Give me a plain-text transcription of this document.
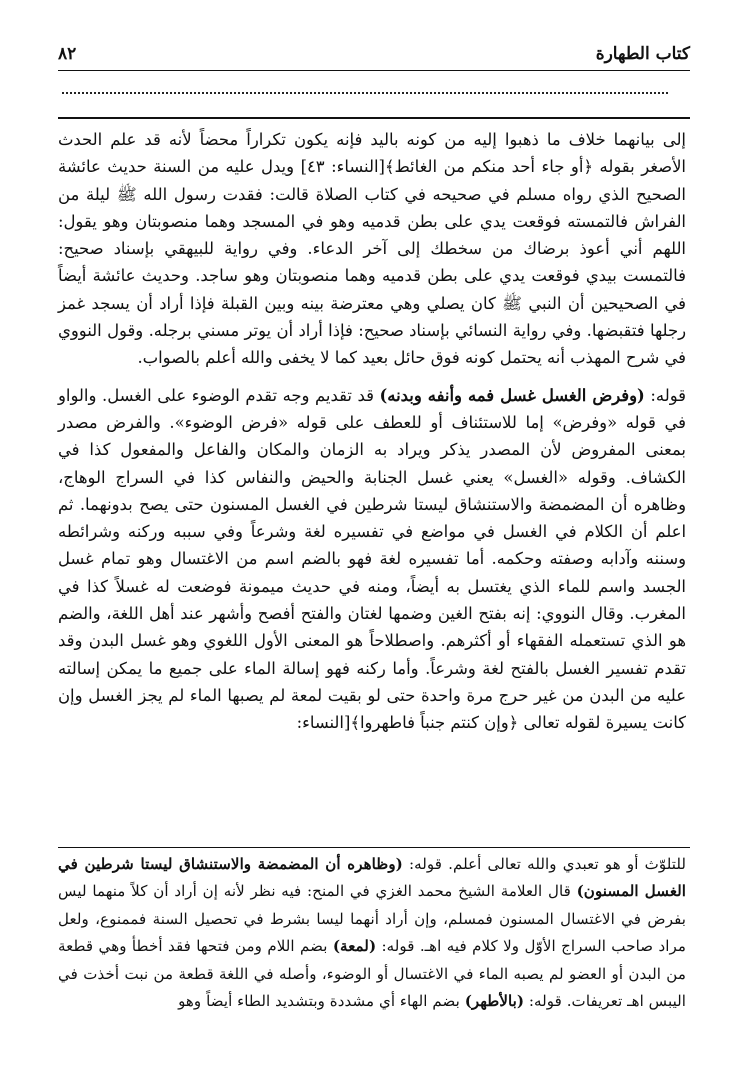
كتاب الطهارة
٨٢

إلى بيانهما خلاف ما ذهبوا إليه من كونه باليد فإنه يكون تكراراً محضاً لأنه قد علم الحدث الأصغر بقوله ﴿أو جاء أحد منكم من الغائط﴾[النساء: ٤٣] ويدل عليه من السنة حديث عائشة الصحيح الذي رواه مسلم في صحيحه في كتاب الصلاة قالت: فقدت رسول الله ﷺ ليلة من الفراش فالتمسته فوقعت يدي على بطن قدميه وهو في المسجد وهما منصوبتان وهو يقول: اللهم أني أعوذ برضاك من سخطك إلى آخر الدعاء. وفي رواية للبيهقي بإسناد صحيح: فالتمست بيدي فوقعت يدي على بطن قدميه وهما منصوبتان وهو ساجد. وحديث عائشة أيضاً في الصحيحين أن النبي ﷺ كان يصلي وهي معترضة بينه وبين القبلة فإذا أراد أن يسجد غمز رجلها فتقبضها. وفي رواية النسائي بإسناد صحيح: فإذا أراد أن يوتر مسني برجله. وقول النووي في شرح المهذب أنه يحتمل كونه فوق حائل بعيد كما لا يخفى والله أعلم بالصواب.

قوله: (وفرض الغسل غسل فمه وأنفه وبدنه) قد تقديم وجه تقدم الوضوء على الغسل. والواو في قوله «وفرض» إما للاستئناف أو للعطف على قوله «فرض الوضوء». والفرض مصدر بمعنى المفروض لأن المصدر يذكر ويراد به الزمان والمكان والفاعل والمفعول كذا في الكشاف. وقوله «الغسل» يعني غسل الجنابة والحيض والنفاس كذا في السراج الوهاج، وظاهره أن المضمضة والاستنشاق ليستا شرطين في الغسل المسنون حتى يصح بدونهما. ثم اعلم أن الكلام في الغسل في مواضع في تفسيره لغة وشرعاً وفي سببه وركنه وشرائطه وسننه وآدابه وصفته وحكمه. أما تفسيره لغة فهو بالضم اسم من الاغتسال وهو تمام غسل الجسد واسم للماء الذي يغتسل به أيضاً، ومنه في حديث ميمونة فوضعت له غسلاً كذا في المغرب. وقال النووي: إنه بفتح الغين وضمها لغتان والفتح أفصح وأشهر عند أهل اللغة، والضم هو الذي تستعمله الفقهاء أو أكثرهم. واصطلاحاً هو المعنى الأول اللغوي وهو غسل البدن وقد تقدم تفسير الغسل بالفتح لغة وشرعاً. وأما ركنه فهو إسالة الماء على جميع ما يمكن إسالته عليه من البدن من غير حرج مرة واحدة حتى لو بقيت لمعة لم يصبها الماء لم يجز الغسل وإن كانت يسيرة لقوله تعالى ﴿وإن كنتم جنباً فاطهروا﴾[النساء:

للتلوّث أو هو تعبدي والله تعالى أعلم. قوله: (وظاهره أن المضمضة والاستنشاق ليستا شرطين في الغسل المسنون) قال العلامة الشيخ محمد الغزي في المنح: فيه نظر لأنه إن أراد أن كلاً منهما ليس بفرض في الاغتسال المسنون فمسلم، وإن أراد أنهما ليسا بشرط في تحصيل السنة فممنوع، ولعل مراد صاحب السراج الأوّل ولا كلام فيه اهـ. قوله: (لمعة) بضم اللام ومن فتحها فقد أخطأ وهي قطعة من البدن أو العضو لم يصبه الماء في الاغتسال أو الوضوء، وأصله في اللغة قطعة من نبت أخذت في اليبس اهـ تعريفات. قوله: (بالأطهر) بضم الهاء أي مشددة وبتشديد الطاء أيضاً وهو
